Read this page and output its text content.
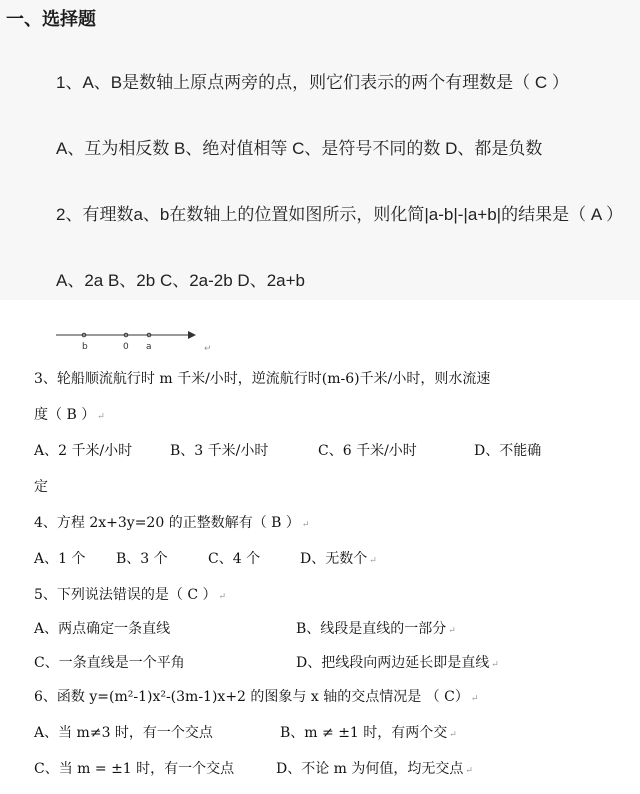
一、选择题
1、A、B是数轴上原点两旁的点，则它们表示的两个有理数是（ C ）
A、互为相反数 B、绝对值相等 C、是符号不同的数 D、都是负数
2、有理数a、b在数轴上的位置如图所示，则化简|a-b|-|a+b|的结果是（ A ）
A、2a B、2b C、2a-2b D、2a+b
b	0 a	↵
3、轮船顺流航行时 m 千米/小时，逆流航行时(m-6)千米/小时，则水流速
度（ B ） ↵
A、2 千米/小时	B、3 千米/小时	C、6 千米/小时	D、不能确
定
4、方程 2x+3y=20 的正整数解有（ B ） ↵
A、1 个 B、3 个	C、4 个	D、无数个 ↵
5、下列说法错误的是（ C ） ↵
A、两点确定一条直线	B、线段是直线的一部分 ↵
C、一条直线是一个平角	D、把线段向两边延长即是直线 ↵
6、函数 y=(m²-1)x²-(3m-1)x+2 的图象与 x 轴的交点情况是 （ C） ↵
A、当 m≠3 时，有一个交点	B、m ≠ ±1 时，有两个交 ↵
C、当 m = ±1 时，有一个交点	D、不论 m 为何值，均无交点 ↵
